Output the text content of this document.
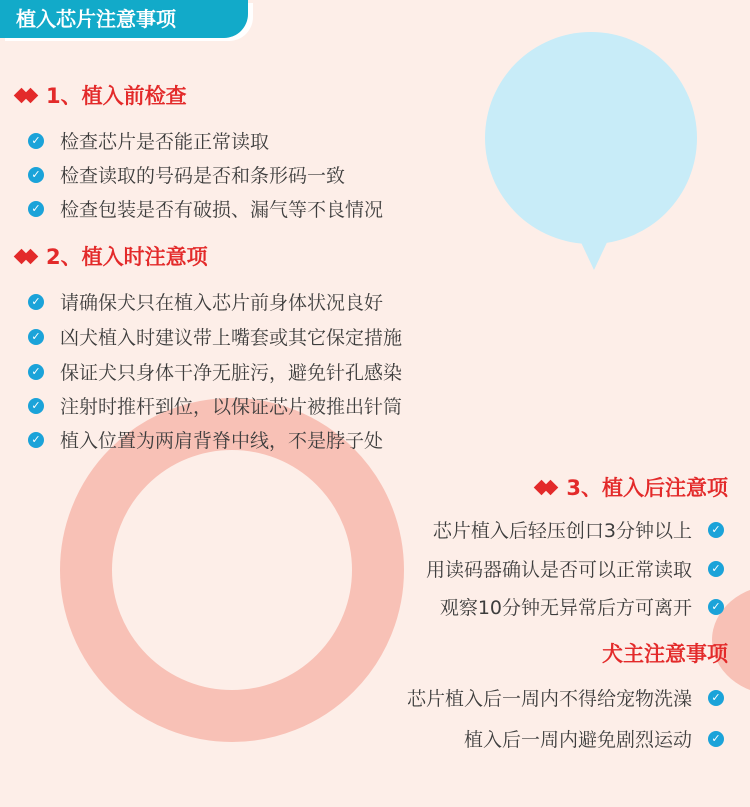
植入芯片注意事项
1、植入前检查
✓ 检查芯片是否能正常读取
✓ 检查读取的号码是否和条形码一致
✓ 检查包装是否有破损、漏气等不良情况
2、植入时注意项
✓ 请确保犬只在植入芯片前身体状况良好
✓ 凶犬植入时建议带上嘴套或其它保定措施
✓ 保证犬只身体干净无脏污，避免针孔感染
✓ 注射时推杆到位，以保证芯片被推出针筒
✓ 植入位置为两肩背脊中线，不是脖子处
3、植入后注意项
芯片植入后轻压创口3分钟以上	✓
用读码器确认是否可以正常读取	✓
观察10分钟无异常后方可离开	✓
犬主注意事项
芯片植入后一周内不得给宠物洗澡	✓
植入后一周内避免剧烈运动	✓
